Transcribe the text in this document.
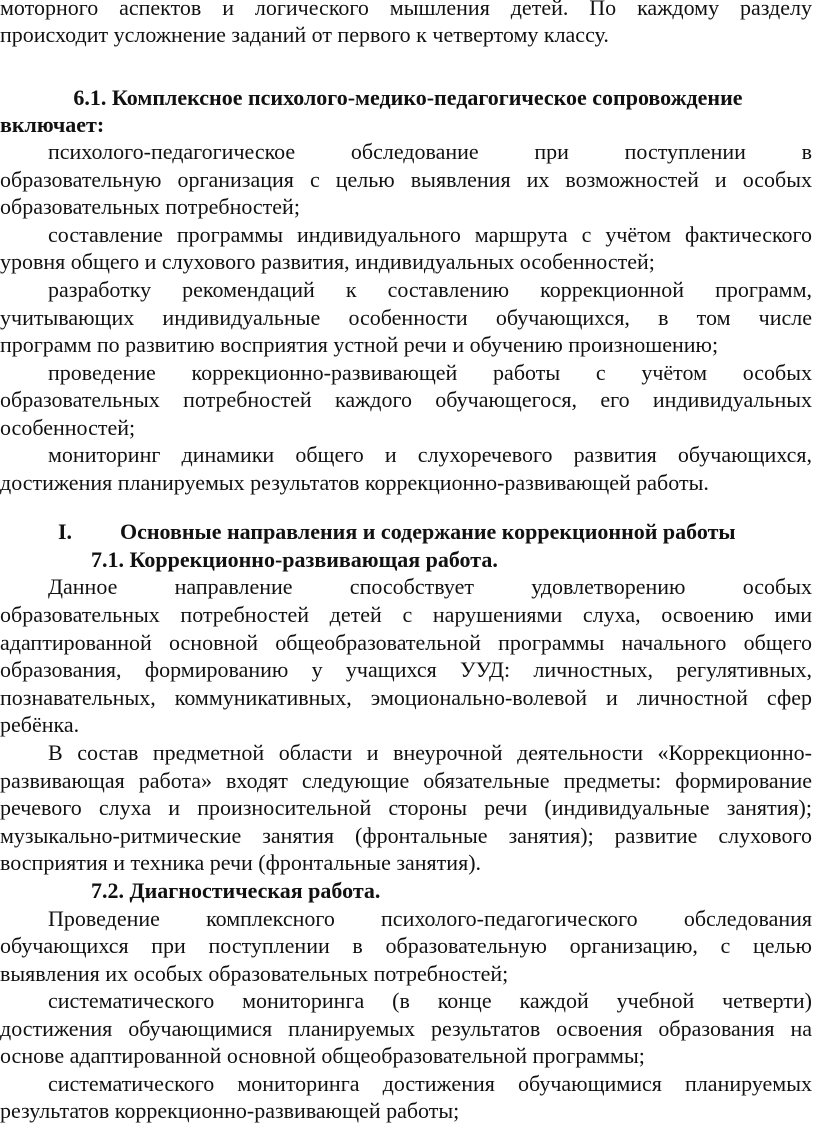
моторного аспектов и логического мышления детей. По каждому разделу
происходит усложнение заданий от первого к четвертому классу.
6.1. Комплексное психолого-медико-педагогическое сопровождение
включает:
психолого-педагогическое обследование при поступлении в
образовательную организация с целью выявления их возможностей и особых
образовательных потребностей;
составление программы индивидуального маршрута с учётом фактического
уровня общего и слухового развития, индивидуальных особенностей;
разработку рекомендаций к составлению коррекционной программ,
учитывающих индивидуальные особенности обучающихся, в том числе
программ по развитию восприятия устной речи и обучению произношению;
проведение коррекционно-развивающей работы с учётом особых
образовательных потребностей каждого обучающегося, его индивидуальных
особенностей;
мониторинг динамики общего и слухоречевого развития обучающихся,
достижения планируемых результатов коррекционно-развивающей работы.
I. Основные направления и содержание коррекционной работы
7.1. Коррекционно-развивающая работа.
Данное направление способствует удовлетворению особых
образовательных потребностей детей с нарушениями слуха, освоению ими
адаптированной основной общеобразовательной программы начального общего
образования, формированию у учащихся УУД: личностных, регулятивных,
познавательных, коммуникативных, эмоционально-волевой и личностной сфер
ребёнка.
В состав предметной области и внеурочной деятельности «Коррекционно-
развивающая работа» входят следующие обязательные предметы: формирование
речевого слуха и произносительной стороны речи (индивидуальные занятия);
музыкально-ритмические занятия (фронтальные занятия); развитие слухового
восприятия и техника речи (фронтальные занятия).
7.2. Диагностическая работа.
Проведение комплексного психолого-педагогического обследования
обучающихся при поступлении в образовательную организацию, с целью
выявления их особых образовательных потребностей;
систематического мониторинга (в конце каждой учебной четверти)
достижения обучающимися планируемых результатов освоения образования на
основе адаптированной основной общеобразовательной программы;
систематического мониторинга достижения обучающимися планируемых
результатов коррекционно-развивающей работы;
